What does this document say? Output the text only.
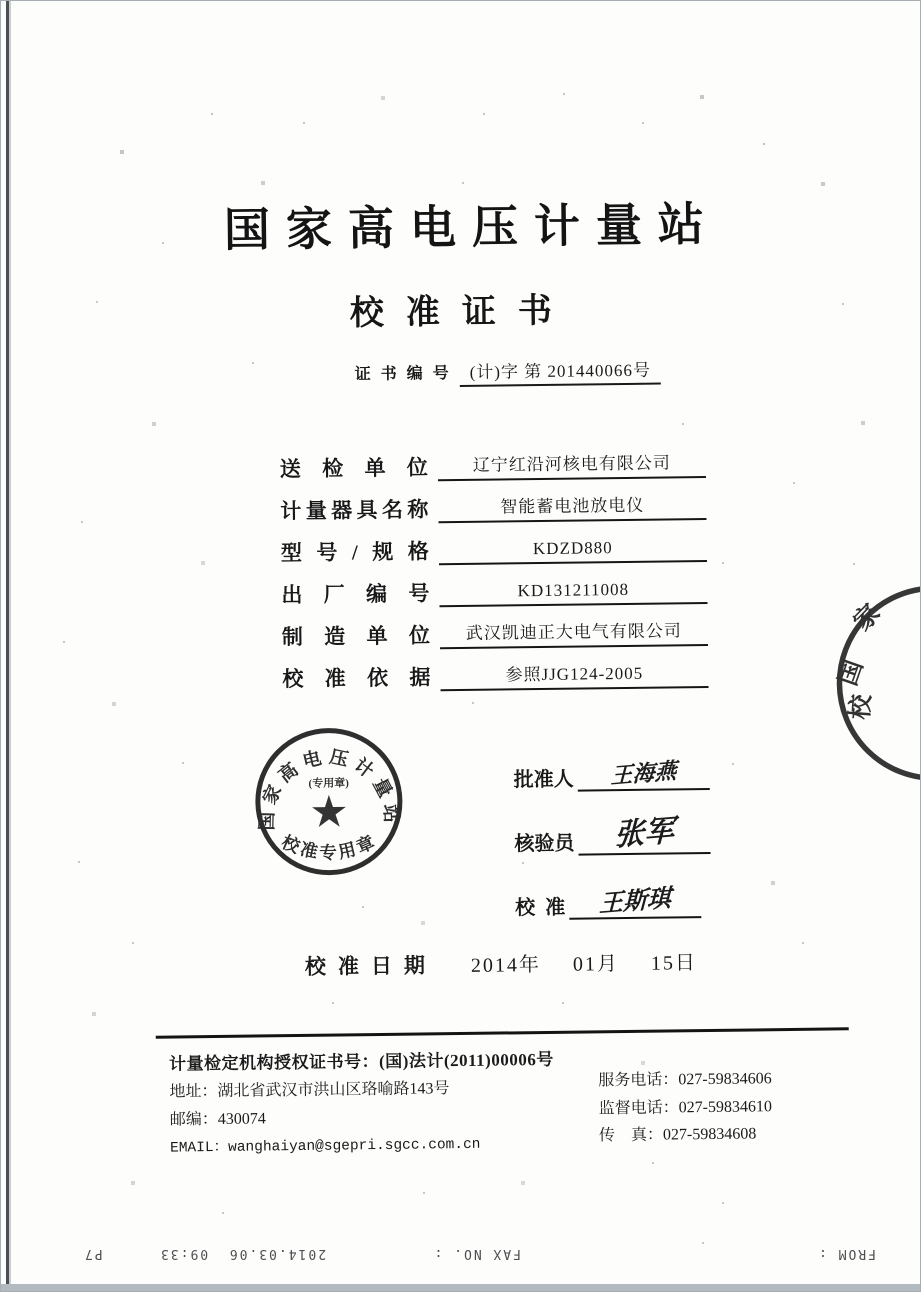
国家高电压计量站
校准证书
证 书 编 号 (计)字 第 201440066号
送检单位	辽宁红沿河核电有限公司
计量器具名称	智能蓄电池放电仪
型号/规格	KDZD880
出厂编号	KD131211008
制造单位	武汉凯迪正大电气有限公司
校准依据	参照JJG124-2005
国家高电压计量站
(专用章)
★
校准专用章
家
国
校
批准人	王海燕
核验员	张军
校  准	王斯琪
校准日期 2014年 01月 15日
计量检定机构授权证书号：(国)法计(2011)00006号
地址：湖北省武汉市洪山区珞喻路143号
邮编：430074
EMAIL：wanghaiyan@sgepri.sgcc.com.cn
服务电话：027-59834606
监督电话：027-59834610
传　真：027-59834608
FROM :
FAX NO. :
2014.03.06  09:33
P7
